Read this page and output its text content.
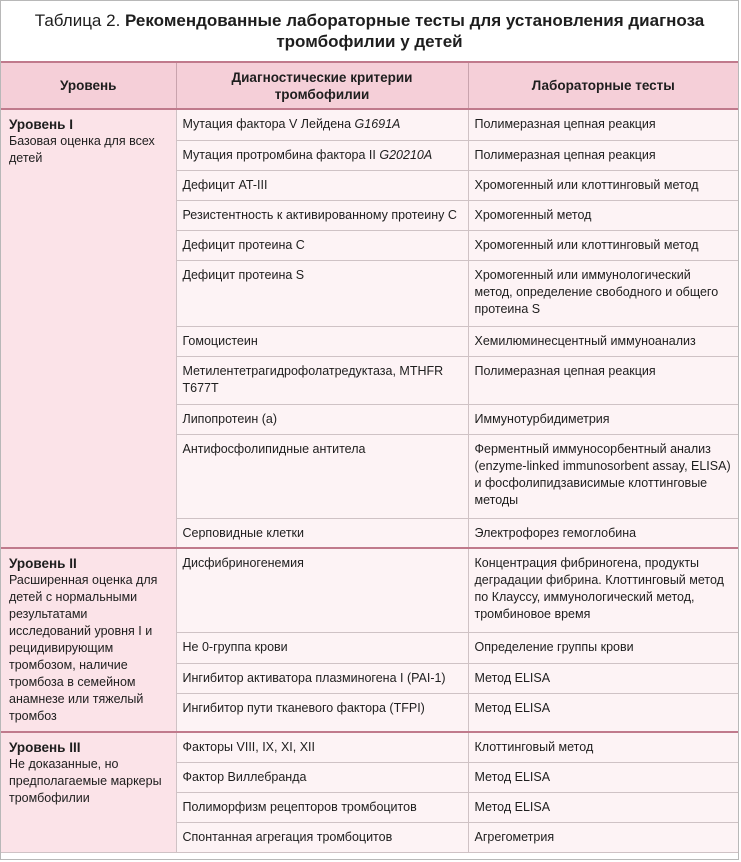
Таблица 2. Рекомендованные лабораторные тесты для установления диагноза тромбофилии у детей
Уровень	Диагностические критерии тромбофилии	Лабораторные тесты

Уровень I
Базовая оценка для всех детей	Мутация фактора V Лейдена G1691A	Полимеразная цепная реакция
	Мутация протромбина фактора II G20210A	Полимеразная цепная реакция
	Дефицит AT-III	Хромогенный или клоттинговый метод
	Резистентность к активированному протеину C	Хромогенный метод
	Дефицит протеина C	Хромогенный или клоттинговый метод
	Дефицит протеина S	Хромогенный или иммунологический метод, определение свободного и общего протеина S
	Гомоцистеин	Хемилюминесцентный иммуноанализ
	Метилентетрагидрофолатредуктаза, MTHFR T677T	Полимеразная цепная реакция
	Липопротеин (a)	Иммунотурбидиметрия
	Антифосфолипидные антитела	Ферментный иммуносорбентный анализ (enzyme-linked immunosorbent assay, ELISA) и фосфолипидзависимые клоттинговые методы
	Серповидные клетки	Электрофорез гемоглобина

Уровень II
Расширенная оценка для детей с нормальными результатами исследований уровня I и рецидивирующим тромбозом, наличие тромбоза в семейном анамнезе или тяжелый тромбоз	Дисфибриногенемия	Концентрация фибриногена, продукты деградации фибрина. Клоттинговый метод по Клауссу, иммунологический метод, тромбиновое время
	Не 0-группа крови	Определение группы крови
	Ингибитор активатора плазминогена I (PAI-1)	Метод ELISA
	Ингибитор пути тканевого фактора (TFPI)	Метод ELISA

Уровень III
Не доказанные, но предполагаемые маркеры тромбофилии	Факторы VIII, IX, XI, XII	Клоттинговый метод
	Фактор Виллебранда	Метод ELISA
	Полиморфизм рецепторов тромбоцитов	Метод ELISA
	Спонтанная агрегация тромбоцитов	Агрегометрия
